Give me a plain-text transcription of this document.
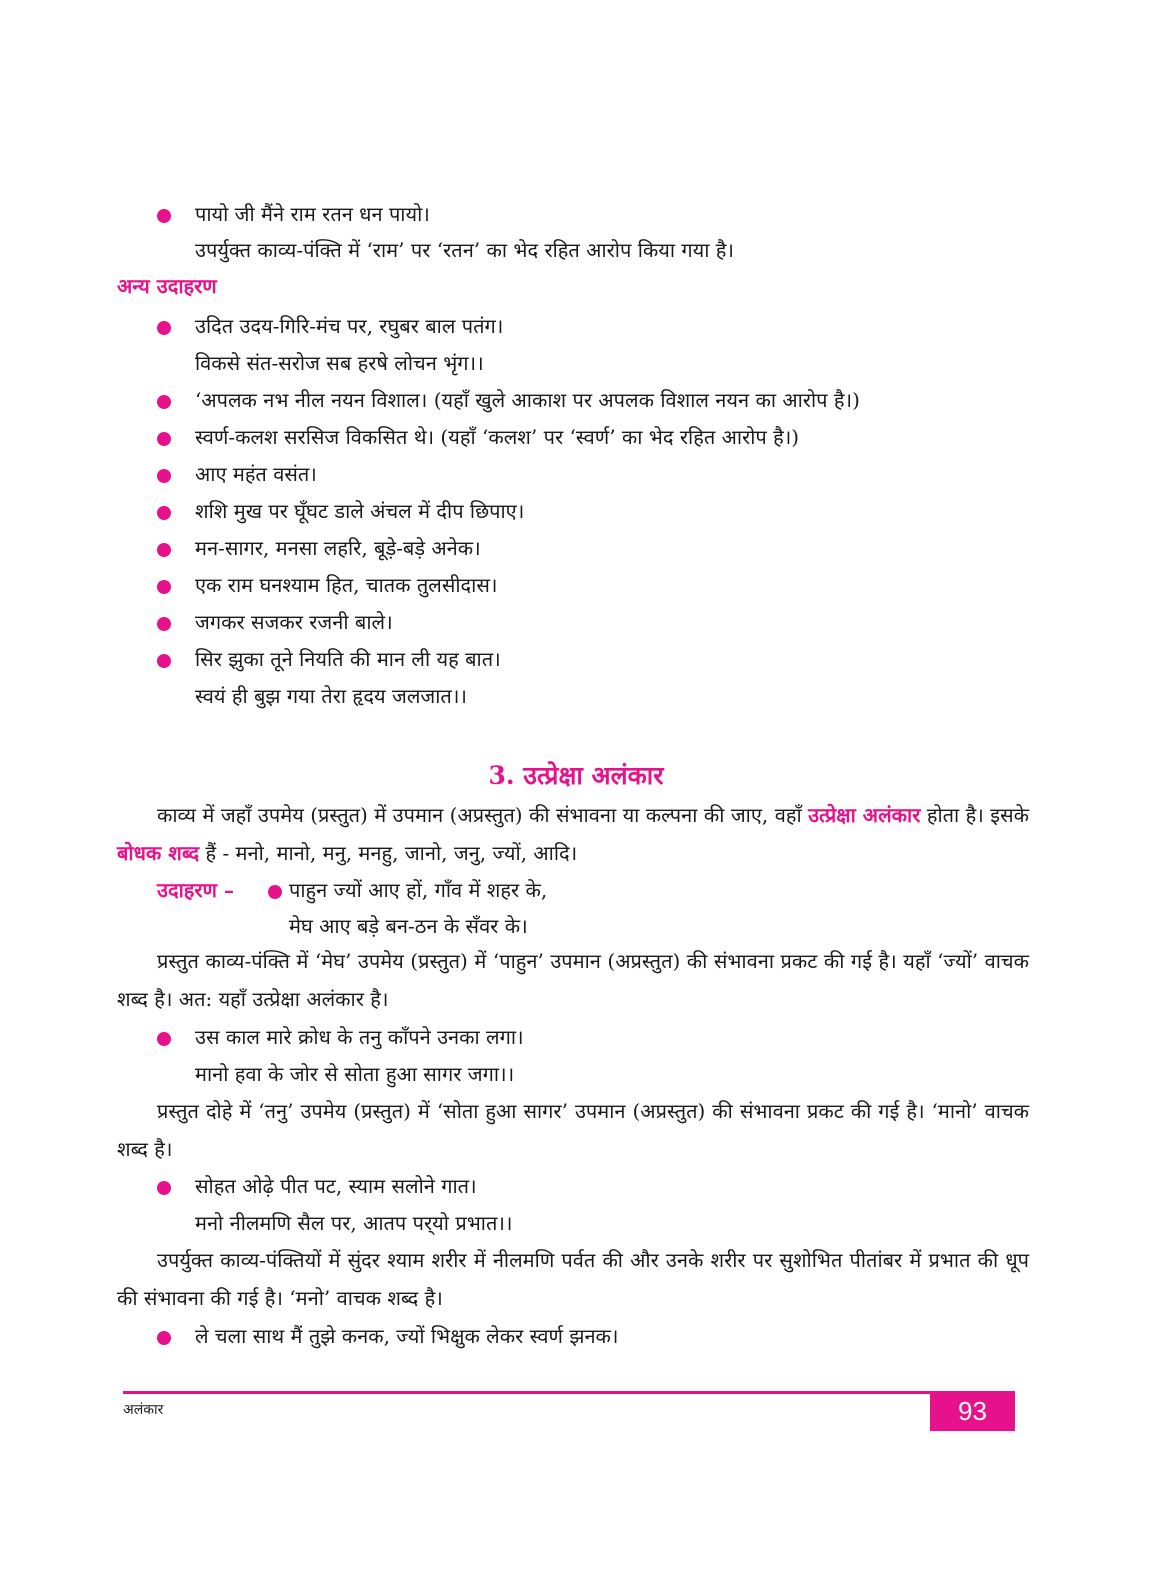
पायो जी मैंने राम रतन धन पायो।
उपर्युक्त काव्य-पंक्ति में ‘राम’ पर ‘रतन’ का भेद रहित आरोप किया गया है।
अन्य उदाहरण
उदित उदय-गिरि-मंच पर, रघुबर बाल पतंग।
विकसे संत-सरोज सब हरषे लोचन भृंग।।
‘अपलक नभ नील नयन विशाल। (यहाँ खुले आकाश पर अपलक विशाल नयन का आरोप है।)
स्वर्ण-कलश सरसिज विकसित थे। (यहाँ ‘कलश’ पर ‘स्वर्ण’ का भेद रहित आरोप है।)
आए महंत वसंत।
शशि मुख पर घूँघट डाले अंचल में दीप छिपाए।
मन-सागर, मनसा लहरि, बूड़े-बड़े अनेक।
एक राम घनश्याम हित, चातक तुलसीदास।
जगकर सजकर रजनी बाले।
सिर झुका तूने नियति की मान ली यह बात।
स्वयं ही बुझ गया तेरा हृदय जलजात।।
3. उत्प्रेक्षा अलंकार
काव्य में जहाँ उपमेय (प्रस्तुत) में उपमान (अप्रस्तुत) की संभावना या कल्पना की जाए, वहाँ उत्प्रेक्षा अलंकार होता है। इसके बोधक शब्द हैं - मनो, मानो, मनु, मनहु, जानो, जनु, ज्यों, आदि।
उदाहरण –	पाहुन ज्यों आए हों, गाँव में शहर के,
मेघ आए बड़े बन-ठन के सँवर के।
प्रस्तुत काव्य-पंक्ति में ‘मेघ’ उपमेय (प्रस्तुत) में ‘पाहुन’ उपमान (अप्रस्तुत) की संभावना प्रकट की गई है। यहाँ ‘ज्यों’ वाचक शब्द है। अत: यहाँ उत्प्रेक्षा अलंकार है।
उस काल मारे क्रोध के तनु काँपने उनका लगा।
मानो हवा के जोर से सोता हुआ सागर जगा।।
प्रस्तुत दोहे में ‘तनु’ उपमेय (प्रस्तुत) में ‘सोता हुआ सागर’ उपमान (अप्रस्तुत) की संभावना प्रकट की गई है। ‘मानो’ वाचक शब्द है।
सोहत ओढ़े पीत पट, स्याम सलोने गात।
मनो नीलमणि सैल पर, आतप पर्‌यो प्रभात।।
उपर्युक्त काव्य-पंक्तियों में सुंदर श्याम शरीर में नीलमणि पर्वत की और उनके शरीर पर सुशोभित पीतांबर में प्रभात की धूप की संभावना की गई है। ‘मनो’ वाचक शब्द है।
ले चला साथ मैं तुझे कनक, ज्यों भिक्षुक लेकर स्वर्ण झनक।
अलंकार	93
